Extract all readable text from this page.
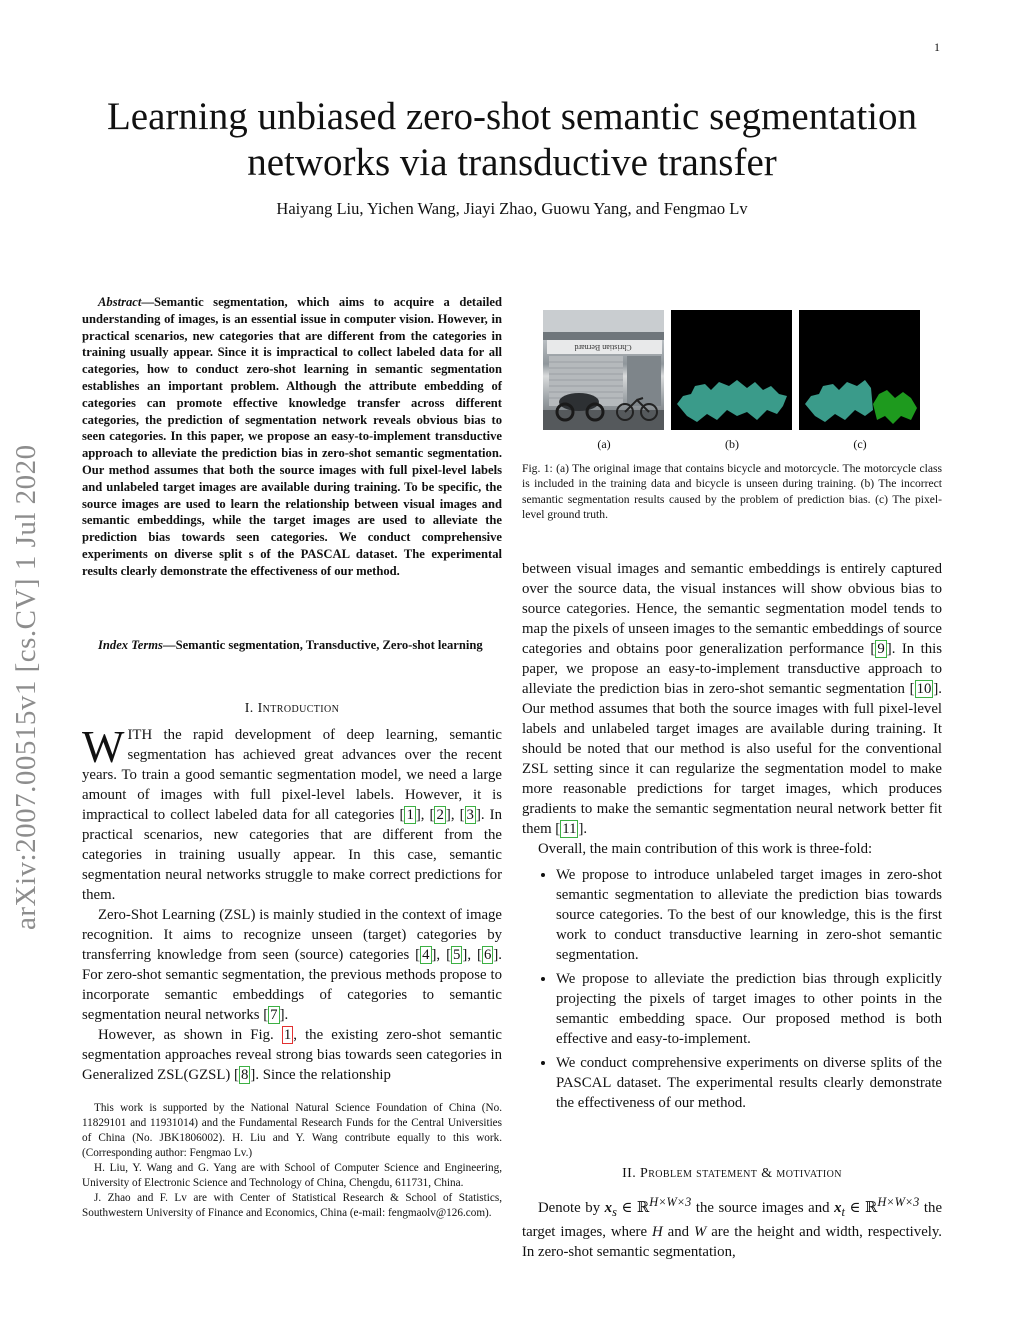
1
arXiv:2007.00515v1 [cs.CV] 1 Jul 2020
Learning unbiased zero-shot semantic segmentation
networks via transductive transfer
Haiyang Liu, Yichen Wang, Jiayi Zhao, Guowu Yang, and Fengmao Lv
Abstract—Semantic segmentation, which aims to acquire a detailed understanding of images, is an essential issue in computer vision. However, in practical scenarios, new categories that are different from the categories in training usually appear. Since it is impractical to collect labeled data for all categories, how to conduct zero-shot learning in semantic segmentation establishes an important problem. Although the attribute embedding of categories can promote effective knowledge transfer across different categories, the prediction of segmentation network reveals obvious bias to seen categories. In this paper, we propose an easy-to-implement transductive approach to alleviate the prediction bias in zero-shot semantic segmentation. Our method assumes that both the source images with full pixel-level labels and unlabeled target images are available during training. To be specific, the source images are used to learn the relationship between visual images and semantic embeddings, while the target images are used to alleviate the prediction bias towards seen categories. We conduct comprehensive experiments on diverse split s of the PASCAL dataset. The experimental results clearly demonstrate the effectiveness of our method.
Index Terms—Semantic segmentation, Transductive, Zero-shot learning
I. Introduction

WITH the rapid development of deep learning, semantic segmentation has achieved great advances over the recent years. To train a good semantic segmentation model, we need a large amount of images with full pixel-level labels. However, it is impractical to collect labeled data for all categories [ 1 ], [ 2 ], [ 3 ]. In practical scenarios, new categories that are different from the categories in training usually appear. In this case, semantic segmentation neural networks struggle to make correct predictions for them.

Zero-Shot Learning (ZSL) is mainly studied in the context of image recognition. It aims to recognize unseen (target) categories by transferring knowledge from seen (source) categories [ 4 ], [ 5 ], [ 6 ]. For zero-shot semantic segmentation, the previous methods propose to incorporate semantic embeddings of categories to semantic segmentation neural networks [ 7 ].

However, as shown in Fig. 1 , the existing zero-shot semantic segmentation approaches reveal strong bias towards seen categories in Generalized ZSL(GZSL) [ 8 ]. Since the relationship

This work is supported by the National Natural Science Foundation of China (No. 11829101 and 11931014) and the Fundamental Research Funds for the Central Universities of China (No. JBK1806002). H. Liu and Y. Wang contribute equally to this work. (Corresponding author: Fengmao Lv.)

H. Liu, Y. Wang and G. Yang are with School of Computer Science and Engineering, University of Electronic Science and Technology of China, Chengdu, 611731, China.

J. Zhao and F. Lv are with Center of Statistical Research & School of Statistics, Southwestern University of Finance and Economics, China (e-mail: fengmaolv@126.com).

Christian Bernard
(a)	(b)	(c)
Fig. 1: (a) The original image that contains bicycle and motorcycle. The motorcycle class is included in the training data and bicycle is unseen during training. (b) The incorrect semantic segmentation results caused by the problem of prediction bias. (c) The pixel-level ground truth.

between visual images and semantic embeddings is entirely captured over the source data, the visual instances will show obvious bias to source categories. Hence, the semantic segmentation model tends to map the pixels of unseen images to the semantic embeddings of source categories and obtains poor generalization performance [ 9 ]. In this paper, we propose an easy-to-implement transductive approach to alleviate the prediction bias in zero-shot semantic segmentation [ 10 ]. Our method assumes that both the source images with full pixel-level labels and unlabeled target images are available during training. It should be noted that our method is also useful for the conventional ZSL setting since it can regularize the segmentation model to make more reasonable predictions for target images, which produces gradients to make the semantic segmentation neural network better fit them [ 11 ].

Overall, the main contribution of this work is three-fold:

• We propose to introduce unlabeled target images in zero-shot semantic segmentation to alleviate the prediction bias towards source categories. To the best of our knowledge, this is the first work to conduct transductive learning in zero-shot semantic segmentation.
• We propose to alleviate the prediction bias through explicitly projecting the pixels of target images to other points in the semantic embedding space. Our proposed method is both effective and easy-to-implement.
• We conduct comprehensive experiments on diverse splits of the PASCAL dataset. The experimental results clearly demonstrate the effectiveness of our method.
II. Problem statement & motivation

Denote by $x_s$ ∈ ℝ$^{H\times W\times 3}$ the source images and $x_t$ ∈ ℝ$^{H\times W\times 3}$ the target images, where H and W are the height and width, respectively. In zero-shot semantic segmentation,
